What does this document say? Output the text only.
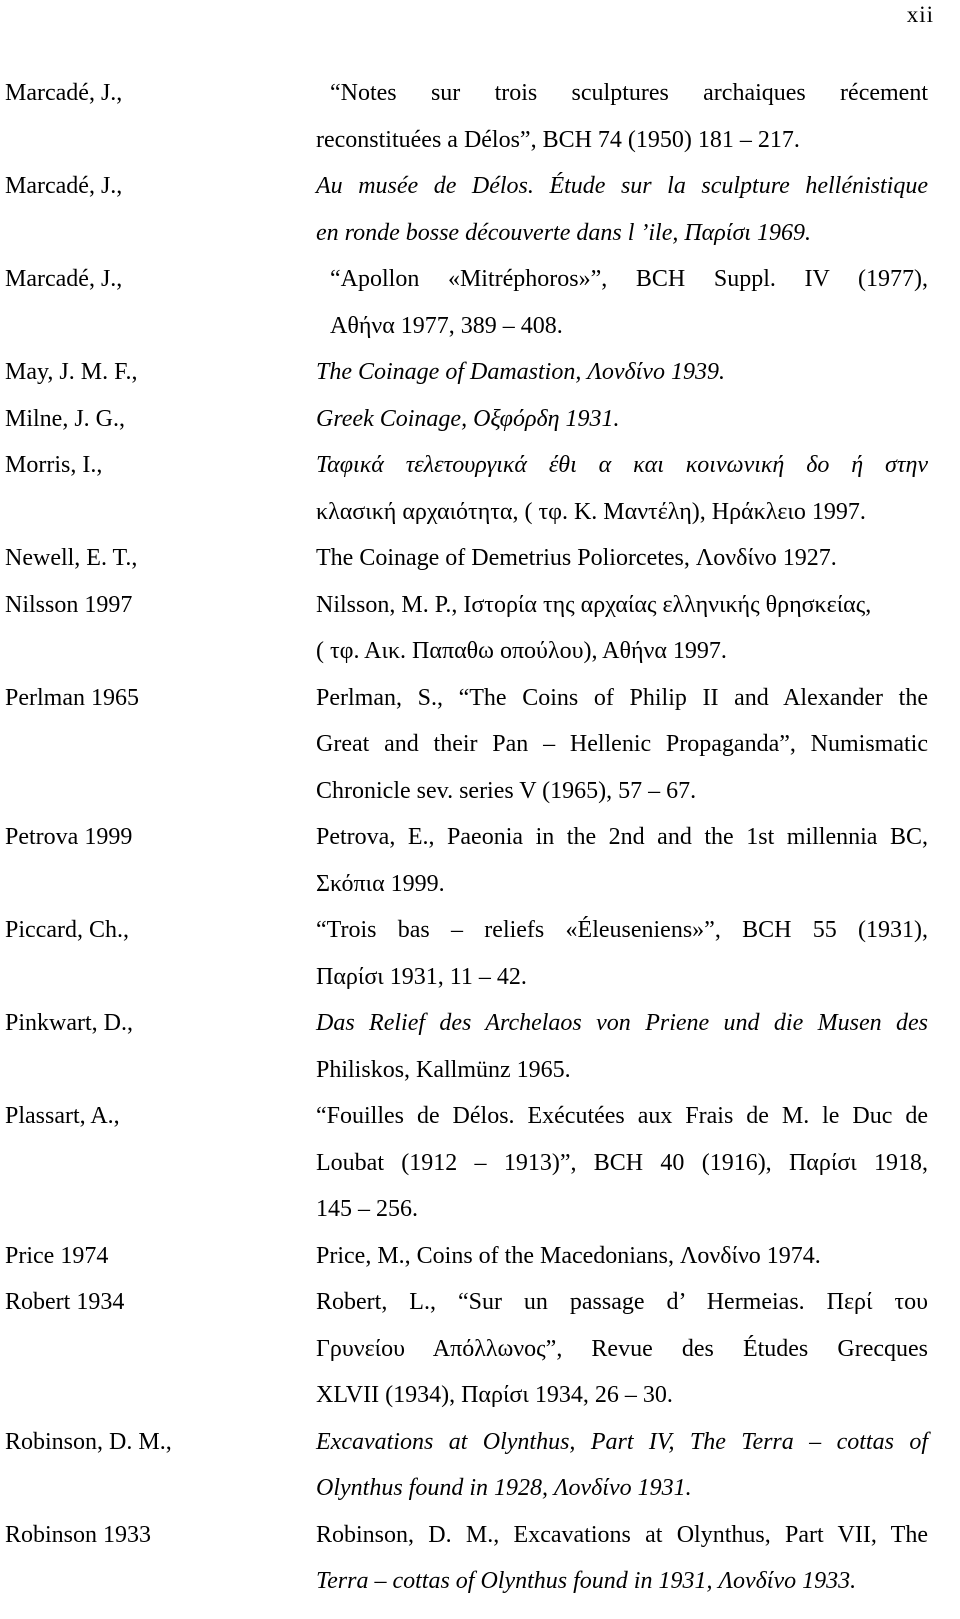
xii
Marcadé, J.,	“Notes sur trois sculptures archaiques récement
reconstituées a Délos”, BCH 74 (1950) 181 – 217.
Marcadé, J.,	Au musée de Délos. Étude sur la sculpture hellénistique
en ronde bosse découverte dans l ’ile, Παρίσι 1969.
Marcadé, J.,	“Apollon «Mitréphoros»”, BCH Suppl. IV (1977),
Αθήνα 1977, 389 – 408.
May, J. M. F.,	The Coinage of Damastion, Λονδίνο 1939.
Milne, J. G.,	Greek Coinage, Οξφόρδη 1931.
Morris, I.,	Ταφικά τελετουργικά έθι α και κοινωνική δο ή στην
κλασική αρχαιότητα, ( τφ. Κ. Μαντέλη), Ηράκλειο 1997.
Newell, E. T.,	The Coinage of Demetrius Poliorcetes, Λονδίνο 1927.
Nilsson 1997	Nilsson, M. P., Ιστορία της αρχαίας ελληνικής θρησκείας,
( τφ. Αικ. Παπαθω οπούλου), Αθήνα 1997.
Perlman 1965	Perlman, S., “The Coins of Philip II and Alexander the
Great and their Pan – Hellenic Propaganda”, Numismatic
Chronicle sev. series V (1965), 57 – 67.
Petrova 1999	Petrova, E., Paeonia in the 2nd and the 1st millennia BC,
Σκόπια 1999.
Piccard, Ch.,	“Trois bas – reliefs «Éleuseniens»”, BCH 55 (1931),
Παρίσι 1931, 11 – 42.
Pinkwart, D.,	Das Relief des Archelaos von Priene und die Musen des
Philiskos, Kallmünz 1965.
Plassart, A.,	“Fouilles de Délos. Exécutées aux Frais de M. le Duc de
Loubat (1912 – 1913)”, BCH 40 (1916), Παρίσι 1918,
145 – 256.
Price 1974	Price, M., Coins of the Macedonians, Λονδίνο 1974.
Robert 1934	Robert, L., “Sur un passage d’ Hermeias. Περί του
Γρυνείου Απόλλωνος”, Revue des Études Grecques
XLVII (1934), Παρίσι 1934, 26 – 30.
Robinson, D. M.,	Excavations at Olynthus, Part IV, The Terra – cottas of
Olynthus found in 1928, Λονδίνο 1931.
Robinson 1933	Robinson, D. M., Excavations at Olynthus, Part VII, The
Terra – cottas of Olynthus found in 1931, Λονδίνο 1933.
